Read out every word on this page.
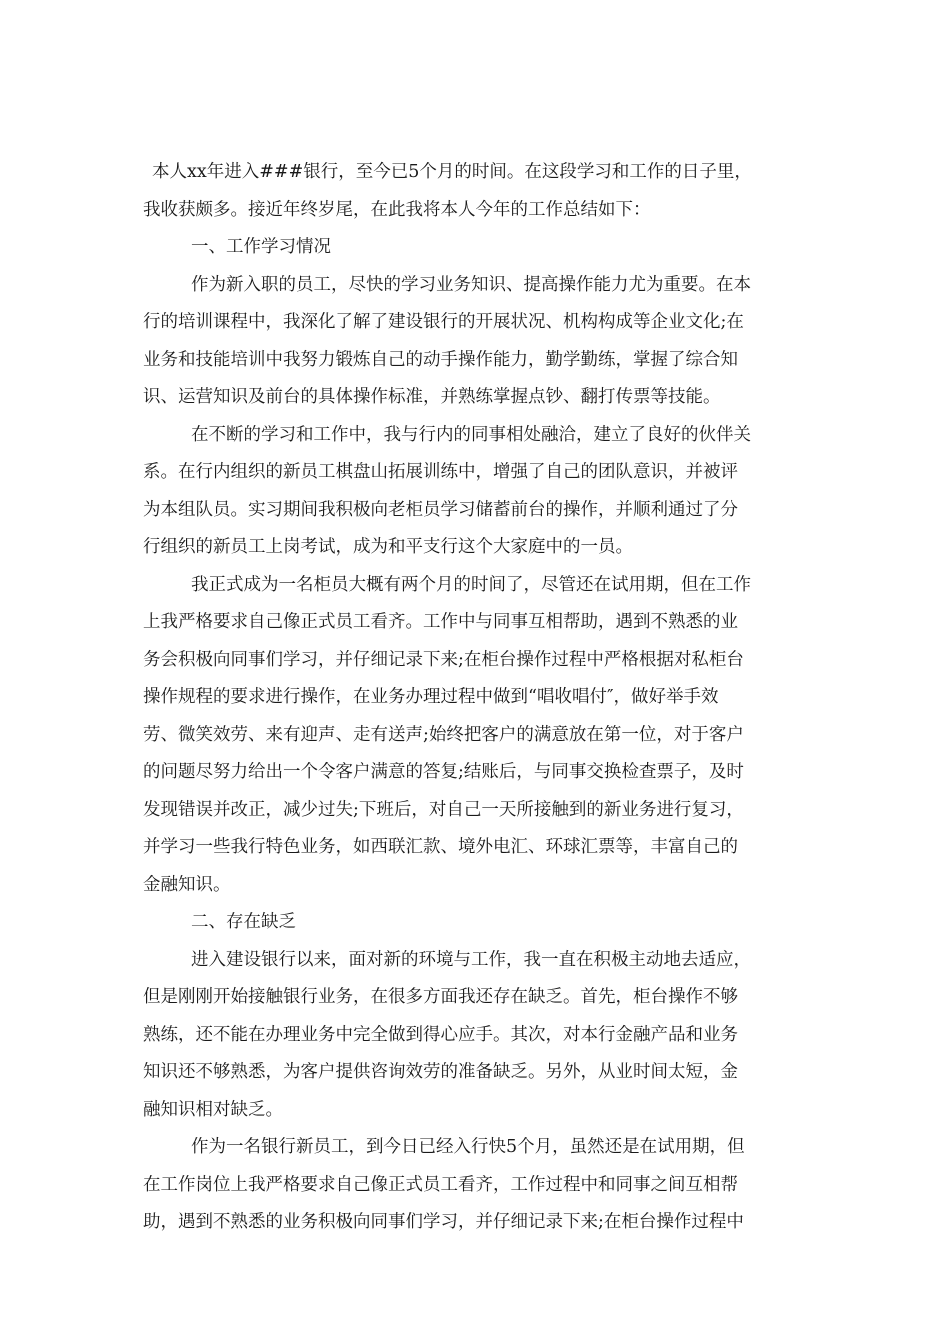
本人xx年进入###银行，至今已5个月的时间。在这段学习和工作的日子里，

我收获颇多。接近年终岁尾，在此我将本人今年的工作总结如下：

一、工作学习情况

作为新入职的员工，尽快的学习业务知识、提高操作能力尤为重要。在本

行的培训课程中，我深化了解了建设银行的开展状况、机构构成等企业文化;在

业务和技能培训中我努力锻炼自己的动手操作能力，勤学勤练，掌握了综合知

识、运营知识及前台的具体操作标准，并熟练掌握点钞、翻打传票等技能。

在不断的学习和工作中，我与行内的同事相处融洽，建立了良好的伙伴关

系。在行内组织的新员工棋盘山拓展训练中，增强了自己的团队意识，并被评

为本组队员。实习期间我积极向老柜员学习储蓄前台的操作，并顺利通过了分

行组织的新员工上岗考试，成为和平支行这个大家庭中的一员。

我正式成为一名柜员大概有两个月的时间了，尽管还在试用期，但在工作

上我严格要求自己像正式员工看齐。工作中与同事互相帮助，遇到不熟悉的业

务会积极向同事们学习，并仔细记录下来;在柜台操作过程中严格根据对私柜台

操作规程的要求进行操作，在业务办理过程中做到“唱收唱付″，做好举手效

劳、微笑效劳、来有迎声、走有送声;始终把客户的满意放在第一位，对于客户

的问题尽努力给出一个令客户满意的答复;结账后，与同事交换检查票子，及时

发现错误并改正，减少过失;下班后，对自己一天所接触到的新业务进行复习，

并学习一些我行特色业务，如西联汇款、境外电汇、环球汇票等，丰富自己的

金融知识。

二、存在缺乏

进入建设银行以来，面对新的环境与工作，我一直在积极主动地去适应，

但是刚刚开始接触银行业务，在很多方面我还存在缺乏。首先，柜台操作不够

熟练，还不能在办理业务中完全做到得心应手。其次，对本行金融产品和业务

知识还不够熟悉，为客户提供咨询效劳的准备缺乏。另外，从业时间太短，金

融知识相对缺乏。

作为一名银行新员工，到今日已经入行快5个月，虽然还是在试用期，但

在工作岗位上我严格要求自己像正式员工看齐，工作过程中和同事之间互相帮

助，遇到不熟悉的业务积极向同事们学习，并仔细记录下来;在柜台操作过程中
